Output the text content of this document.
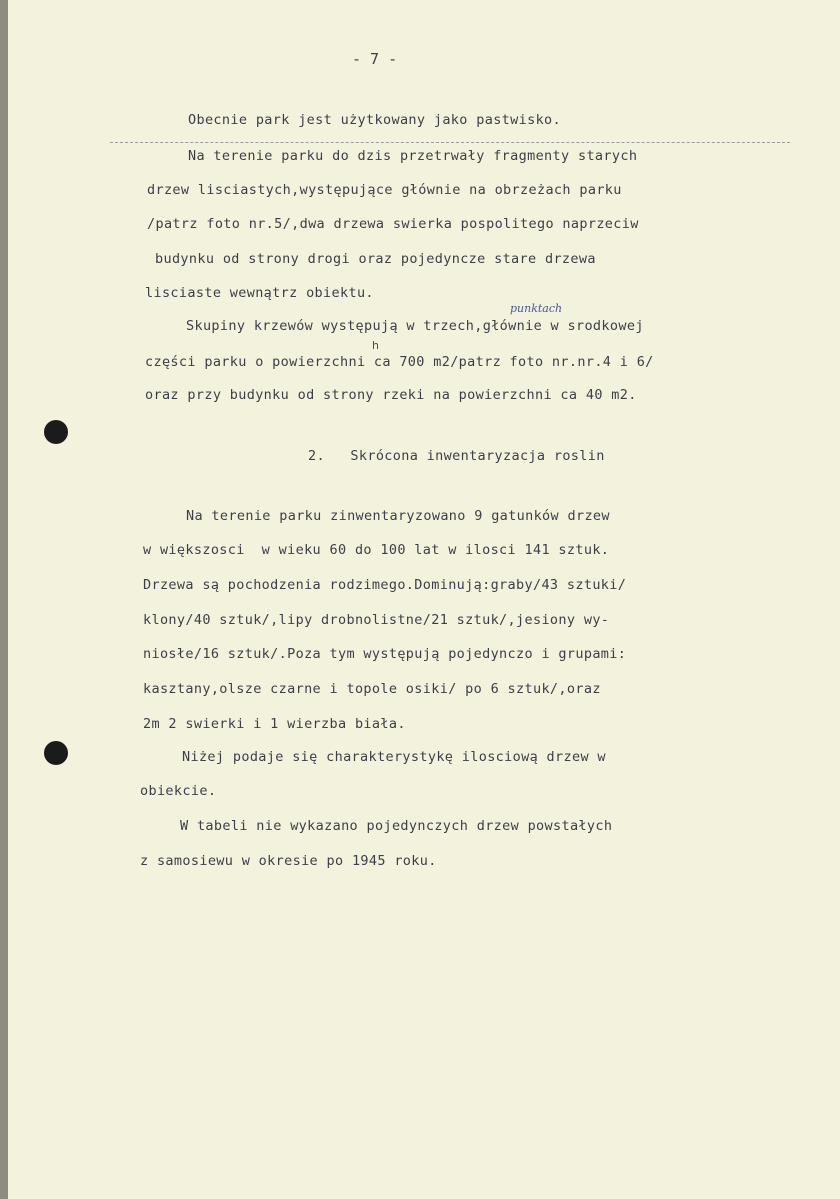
- 7 -
Obecnie park jest użytkowany jako pastwisko.
Na terenie parku do dzis przetrwały fragmenty starych
drzew lisciastych,występujące głównie na obrzeżach parku
/patrz foto nr.5/,dwa drzewa swierka pospolitego naprzeciw
budynku od strony drogi oraz pojedyncze stare drzewa
lisciaste wewnątrz obiektu.
punktach
Skupiny krzewów występują w trzech,głównie w srodkowej
h
części parku o powierzchni ca 700 m2/patrz foto nr.nr.4 i 6/
oraz przy budynku od strony rzeki na powierzchni ca 40 m2.
2.   Skrócona inwentaryzacja roslin
Na terenie parku zinwentaryzowano 9 gatunków drzew
w większosci  w wieku 60 do 100 lat w ilosci 141 sztuk.
Drzewa są pochodzenia rodzimego.Dominują:graby/43 sztuki/
klony/40 sztuk/,lipy drobnolistne/21 sztuk/,jesiony wy-
niosłe/16 sztuk/.Poza tym występują pojedynczo i grupami:
kasztany,olsze czarne i topole osiki/ po 6 sztuk/,oraz
2m 2 swierki i 1 wierzba biała.
Niżej podaje się charakterystykę ilosciową drzew w
obiekcie.
W tabeli nie wykazano pojedynczych drzew powstałych
z samosiewu w okresie po 1945 roku.
